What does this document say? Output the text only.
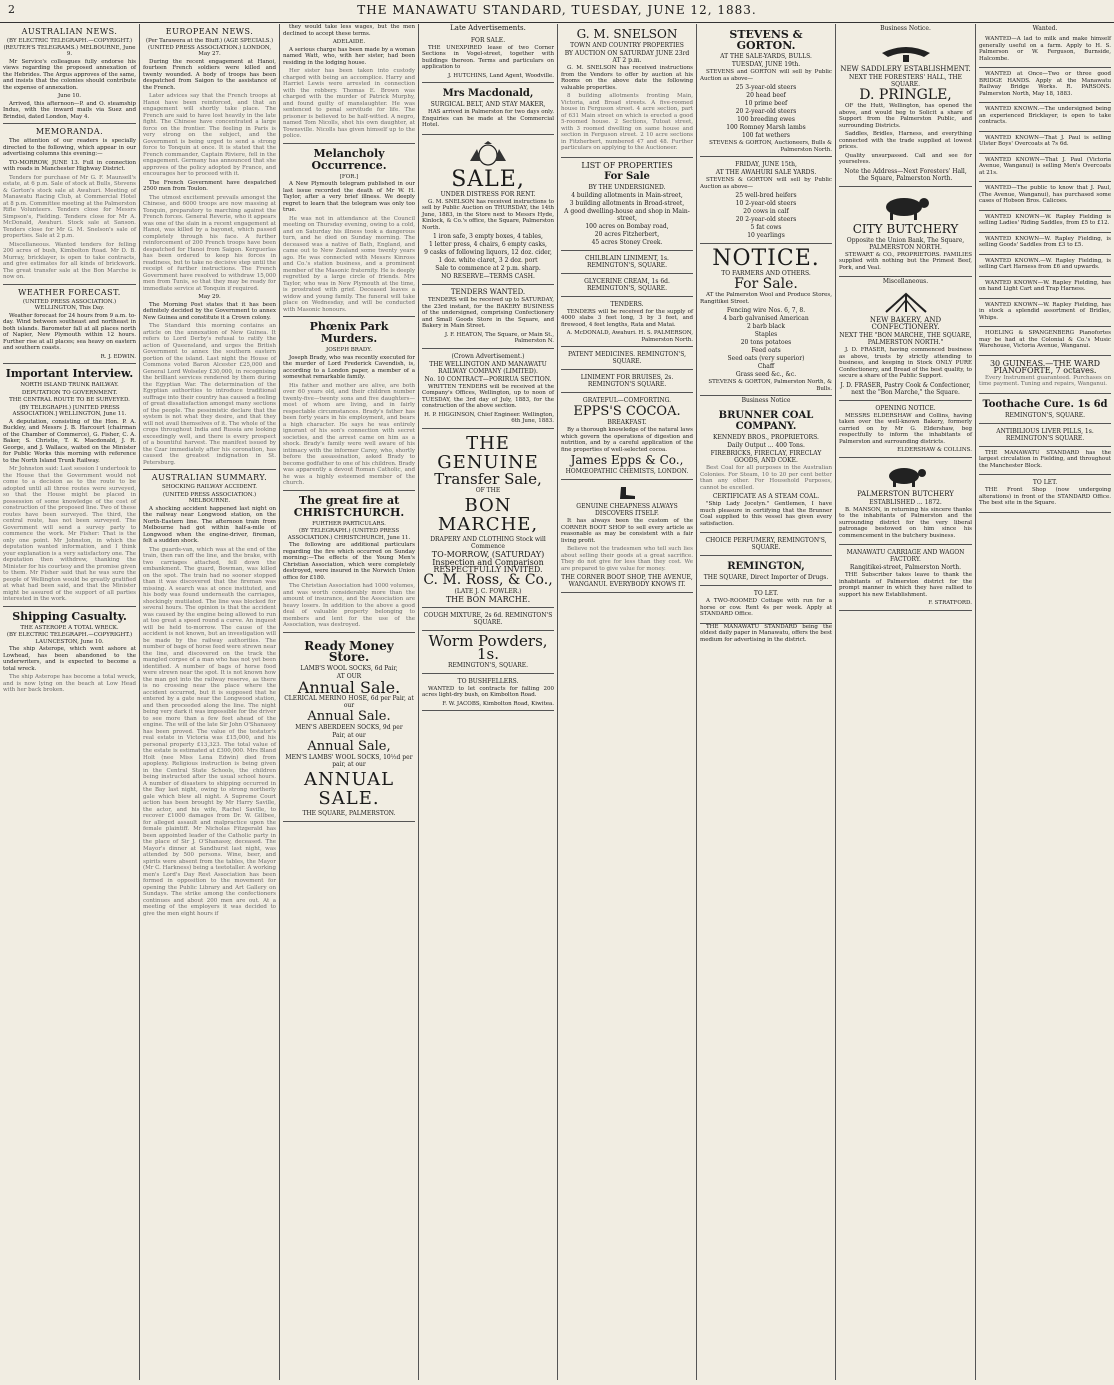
2	THE MANAWATU STANDARD, TUESDAY, JUNE 12, 1883.
AUSTRALIAN NEWS.
(BY ELECTRIC TELEGRAPH.—COPYRIGHT.) (REUTER'S TELEGRAMS.) MELBOURNE, June 9.

Mr Service's colleagues fully endorse his views regarding the proposed annexation of the Hebrides. The Argus approves of the same, and insists that the colonies should contribute the expense of annexation.

June 10.

Arrived, this afternoon—P. and O. steamship Indus, with the inward mails via Suez and Brindisi, dated London, May 4.

MEMORANDA.

The attention of our readers is specially directed to the following, which appear in our advertising columns this evening:—

TO-MORROW, JUNE 13. Full in connection with roads in Manchester Highway District.

Tenders for purchase of Mr G. F. Maunsell's estate, at 6 p.m. Sale of stock at Bulls, Stevens & Gorton's stock sale at Awahuri. Meeting of Manawatu Racing Club, at Commercial Hotel at 8 p.m. Committee meeting at the Palmerston Rifle Volunteers. Tenders close for Messrs Simpson's, Fielding. Tenders close for Mr A. McDonald, Awahuri. Stock sale at Sanson. Tenders close for Mr G. M. Snelson's sale of properties. Sale at 2 p.m.

Miscellaneous. Wanted tenders for felling 200 acres of bush, Kimbolton Road. Mr D. B. Murray, bricklayer, is open to take contracts, and give estimates for all kinds of brickwork. The great transfer sale at the Bon Marche is now on.

WEATHER FORECAST.
(UNITED PRESS ASSOCIATION.) WELLINGTON, This Day.

Weather forecast for 24 hours from 9 a.m. to-day. Wind between southeast and northeast in both islands. Barometer fall at all places north of Napier, New Plymouth within 12 hours. Further rise at all places; sea heavy on eastern and southern coasts.

R. J. EDWIN.
Important Interview.
NORTH ISLAND TRUNK RAILWAY.
DEPUTATION TO GOVERNMENT.
THE CENTRAL ROUTE TO BE SURVEYED.
(BY TELEGRAPH.) [UNITED PRESS ASSOCIATION.] WELLINGTON, June 11.

A deputation, consisting of the Hon. P. A. Buckley, and Messrs J. B. Harcourt (chairman of the Chamber of Commerce), G. Fisher, C. A. Baker, S. Christie, T. K. Macdonald, J. R. George, and J. Wallace, waited on the Minister for Public Works this morning with reference to the North Island Trunk Railway.

Mr Johnston said: Last session I undertook to the House that the Government would not come to a decision as to the route to be adopted until all three routes were surveyed, so that the House might be placed in possession of some knowledge of the cost of construction of the proposed line. Two of these routes have been surveyed. The third, the central route, has not been surveyed. The Government will send a survey party to commence the work. Mr Fisher: That is the only one point. Mr Johnston, in which the deputation wanted information, and I think your explanation is a very satisfactory one. The deputation then withdrew, thanking the Minister for his courtesy and the promise given to them. Mr Fisher said that he was sure the people of Wellington would be greatly gratified at what had been said, and that the Minister might be assured of the support of all parties interested in the work.

Shipping Casualty.
THE ASTEROPE A TOTAL WRECK.
(BY ELECTRIC TELEGRAPH.—COPYRIGHT.) LAUNCESTON, June 10.

The ship Asterope, which went ashore at Lowhead, has been abandoned to the underwriters, and is expected to become a total wreck.

The ship Asterope has become a total wreck, and is now lying on the beach at Low Head with her back broken.

EUROPEAN NEWS.
(Per Tarawera at the Bluff.) (AGE SPECIALS.) (UNITED PRESS ASSOCIATION.) LONDON, May 27.

During the recent engagement at Hanoi, fourteen French soldiers were killed and twenty wounded. A body of troops has been despatched from Saigon to the assistance of the French.

Later advices say that the French troops at Hanoi have been reinforced, and that an engagement will shortly take place. The French are said to have lost heavily in the late fight. The Chinese have concentrated a large force on the frontier. The feeling in Paris is very strong on the subject, and the Government is being urged to send a strong force to Tonquin at once. It is stated that the French commander, Captain Riviere, fell in the engagement. Germany has announced that she approves of the policy adopted by France, and encourages her to proceed with it.

The French Government have despatched 2500 men from Toulon.

The utmost excitement prevails amongst the Chinese, and 6000 troops are now massing at Tonquin, preparatory to marching against the French forces. General Reverie, who it appears was one of the slain in a recent engagement at Hanoi, was killed by a bayonet, which passed completely through his face. A further reinforcement of 200 French troops have been despatched for Hanoi from Saigon. Kerguerlas has been ordered to keep his forces in readiness, but to take no decisive step until the receipt of further instructions. The French Government have resolved to withdraw 15,000 men from Tunis, so that they may be ready for immediate service at Tonquin if required.

May 29.

The Morning Post states that it has been definitely decided by the Government to annex New Guinea and constitute it a Crown colony.

The Standard this morning contains an article on the annexation of New Guinea. It refers to Lord Derby's refusal to ratify the action of Queensland, and urges the British Government to annex the southern eastern portion of the island. Last night the House of Commons voted Baron Alcester £25,000 and General Lord Wolseley £30,000, in recognising the brilliant services rendered by them during the Egyptian War. The determination of the Egyptian authorities to introduce traditional suffrage into their country has caused a feeling of great dissatisfaction amongst many sections of the people. The pessimistic declare that the system is not what they desire, and that they will not avail themselves of it. The whole of the crops throughout India and Russia are looking exceedingly well, and there is every prospect of a bountiful harvest. The manifest issued by the Czar immediately after his coronation, has caused the greatest indignation in St. Petersburg.

AUSTRALIAN SUMMARY.
SHOCKING RAILWAY ACCIDENT.
(UNITED PRESS ASSOCIATION.) MELBOURNE.

A shocking accident happened last night on the railway near Longwood station, on the North-Eastern line. The afternoon train from Melbourne had got within half-a-mile of Longwood when the engine-driver, fireman, felt a sudden shock.

The guards-van, which was at the end of the train, then ran off the line, and the brake, with two carriages attached, fell down the embankment. The guard, Bowman, was killed on the spot. The train had no sooner stopped than it was discovered that the fireman was missing. A search was at once instituted, and his body was found underneath the carriages, shockingly mutilated. The line was blocked for several hours. The opinion is that the accident was caused by the engine being allowed to run at too great a speed round a curve. An inquest will be held to-morrow. The cause of the accident is not known, but an investigation will be made by the railway authorities. The number of bags of horse feed were strewn near the line, and discovered on the track the mangled corpse of a man who has not yet been identified. A number of bags of horse food were strewn near the spot. It is not known how the man got into the railway reserve, as there is no crossing near the place where the accident occurred, but it is supposed that he entered by a gate near the Longwood station, and then proceeded along the line. The night being very dark it was impossible for the driver to see more than a few feet ahead of the engine. The will of the late Sir John O'Shanassy has been proved. The value of the testator's real estate in Victoria was £15,000, and his personal property £13,323. The total value of the estate is estimated at £300,000. Mrs Bland Holt (nee Miss Lena Edwin) died from apoplexy. Religious instruction is being given in the Central State Schools, the children being instructed after the usual school hours. A number of disasters to shipping occurred in the Bay last night, owing to strong northerly gale which blew all night. A Supreme Court action has been brought by Mr Harry Saville, the actor, and his wife, Rachel Saville, to recover £1000 damages from Dr. W. Gillbee, for alleged assault and malpractice upon the female plaintiff. Mr Nicholas Fitzgerald has been appointed leader of the Catholic party in the place of Sir J. O'Shanassy, deceased. The Mayor's dinner at Sandhurst last night, was attended by 500 persons. Wine, beer, and spirits were absent from the tables, the Mayor (Mr C. Harkness) being a teetotaller. A working men's Lord's Day Rest Association has been formed in opposition to the movement for opening the Public Library and Art Gallery on Sundays. The strike among the confectioners continues and about 200 men are out. At a meeting of the employers it was decided to give the men eight hours if

they would take less wages, but the men declined to accept these terms.

ADELAIDE.

A serious charge has been made by a woman named Watt, who, with her sister, had been residing in the lodging house.

Her sister has been taken into custody charged with being an accomplice. Harry and Harriet Lewis were arrested in connection with the robbery. Thomas E. Brown was charged with the murder of Patrick Murphy, and found guilty of manslaughter. He was sentenced to penal servitude for life. The prisoner is believed to be half-witted. A negro, named Tom Nicolls, shot his own daughter, at Townsville. Nicolls has given himself up to the police.

Melancholy Occurrence.
[FOR.]

A New Plymouth telegram published in our last issue recorded the death of Mr W. H. Taylor, after a very brief illness. We deeply regret to learn that the telegram was only too true.

He was not in attendance at the Council meeting on Thursday evening, owing to a cold, and on Saturday his illness took a dangerous turn, and he died on Sunday morning. The deceased was a native of Bath, England, and came out to New Zealand some twenty years ago. He was connected with Messrs Kinross and Co.'s station business, and a prominent member of the Masonic fraternity. He is deeply regretted by a large circle of friends. Mrs Taylor, who was in New Plymouth at the time, is prostrated with grief. Deceased leaves a widow and young family. The funeral will take place on Wednesday, and will be conducted with Masonic honours.

Phœnix Park Murders.
JOSEPH BRADY.

Joseph Brady, who was recently executed for the murder of Lord Frederick Cavendish, is, according to a London paper, a member of a somewhat remarkable family.

His father and mother are alive, are both over 60 years old, and their children number twenty-five—twenty sons and five daughters—most of whom are living, and in fairly respectable circumstances. Brady's father has been forty years in his employment, and bears a high character. He says he was entirely ignorant of his son's connection with secret societies, and the arrest came on him as a shock. Brady's family were well aware of his intimacy with the informer Carey, who, shortly before the assassination, asked Brady to become godfather to one of his children. Brady was apparently a devout Roman Catholic, and he was a highly esteemed member of the church.

The great fire at CHRISTCHURCH.
FURTHER PARTICULARS.
(BY TELEGRAPH.) (UNITED PRESS ASSOCIATION.) CHRISTCHURCH, June 11.

The following are additional particulars regarding the fire which occurred on Sunday morning:—The effects of the Young Men's Christian Association, which were completely destroyed, were insured in the Norwich Union office for £180.

The Christian Association had 1000 volumes, and was worth considerably more than the amount of insurance, and the Association are heavy losers. In addition to the above a good deal of valuable property belonging to members and lent for the use of the Association, was destroyed.

Ready Money Store.
LAMB'S WOOL SOCKS, 6d Pair,
AT OUR
Annual Sale.
CLERICAL MERINO HOSE, 6d per Pair, at our
Annual Sale.
MEN'S ABERDEEN SOCKS, 9d per
Pair, at our
Annual Sale,
MEN'S LAMBS' WOOL SOCKS, 10½d per pair, at our
ANNUAL SALE.
THE SQUARE, PALMERSTON.
Late Advertisements.
FOR SALE.

THE UNEXPIRED lease of two Corner Sections in Vogel-street, together with buildings thereon. Terms and particulars on application to

J. HUTCHINS, Land Agent, Woodville.
Mrs Macdonald,
SURGICAL BELT, AND STAY MAKER,

HAS arrived in Palmerston for two days only. Enquiries can be made at the Commercial Hotel.

SALE,
UNDER DISTRESS FOR RENT.

G. M. SNELSON has received instructions to sell by Public Auction on THURSDAY, the 14th June, 1883, in the Store next to Messrs Hyde, Kinlock, & Co.'s office, the Square, Palmerston North.

1 iron safe, 3 empty boxes, 4 tables,
1 letter press, 4 chairs, 6 empty casks,
9 casks of following liquors, 12 doz. cider,
1 doz. white claret, 3 2 doz. port
Sale to commence at 2 p.m. sharp.
NO RESERVE—TERMS CASH.
TENDERS WANTED.

TENDERS will be received up to SATURDAY, the 23rd instant, for the BAKERY BUSINESS of the undersigned, comprising Confectionery and Small Goods Store in the Square, and Bakery in Main Street.

J. F. HEATON, The Square, or Main St., Palmerston N.
(Crown Advertisement.)
THE WELLINGTON AND MANAWATU RAILWAY COMPANY (LIMITED).
No. 10 CONTRACT—PORIRUA SECTION.

WRITTEN TENDERS will be received at the Company's Offices, Wellington, up to noon of TUESDAY, the 3rd day of July, 1883, for the construction of the above section.

H. P. HIGGINSON, Chief Engineer. Wellington, 6th June, 1883.
THE GENUINE
Transfer Sale,
OF THE
BON MARCHE,
DRAPERY AND CLOTHING Stock will Commence
TO-MORROW, (SATURDAY)
Inspection and Comparison RESPECTFULLY INVITED.
C. M. Ross, & Co.,
(LATE J. C. FOWLER.)
THE BON MARCHE.
COUGH MIXTURE, 2s 6d. REMINGTON'S SQUARE.
Worm Powders,
1s.
REMINGTON'S, SQUARE.
TO BUSHFELLERS.

WANTED to let contracts for falling 200 acres light-dry bush, on Kimbolton Road.

F. W. JACOBS, Kimbolton Road, Kiwitea.
G. M. SNELSON
TOWN AND COUNTRY PROPERTIES
BY AUCTION ON SATURDAY JUNE 23rd AT 2 p.m.

G. M. SNELSON has received instructions from the Vendors to offer by auction at his Rooms on the above date the following valuable properties.

8 building allotments fronting Main, Victoria, and Broad streets. A five-roomed house in Ferguson street. 4 acre section, part of 631 Main street on which is erected a good 5-roomed house. 2 Sections, Tutoat street, with 3 roomed dwelling on same house and section in Ferguson street. 2 10 acre sections in Fitzherbert, numbered 47 and 48. Further particulars on applying to the Auctioneer.

LIST OF PROPERTIES
For Sale
BY THE UNDERSIGNED.
4 building allotments in Main-street,
3 building allotments in Broad-street,
A good dwelling-house and shop in Main-street,
100 acres on Bombay road,
20 acres Fitzherbert,
45 acres Stoney Creek.
CHILBLAIN LINIMENT, 1s. REMINGTON'S, SQUARE.
GLYCERINE CREAM, 1s 6d. REMINGTON'S, SQUARE.
TENDERS.

TENDERS will be received for the supply of 4000 slabs 3 feet long, 3 by 3 feet, and firewood, 4 feet lengths, Rata and Matai.

A. McDONALD, Awahuri. H. S. PALMERSON, Palmerston North.
PATENT MEDICINES. REMINGTON'S, SQUARE.
LINIMENT FOR BRUISES, 2s. REMINGTON'S SQUARE.
GRATEFUL—COMFORTING.
EPPS'S COCOA.
BREAKFAST.

By a thorough knowledge of the natural laws which govern the operations of digestion and nutrition, and by a careful application of the fine properties of well-selected cocoa.

James Epps & Co.,
HOMŒOPATHIC CHEMISTS, LONDON.
GENUINE CHEAPNESS ALWAYS DISCOVERS ITSELF.

It has always been the custom of the CORNER BOOT SHOP to sell every article as reasonable as may be consistent with a fair living profit.

Believe not the tradesmen who tell such lies about selling their goods at a great sacrifice. They do not give for less than they cost. We are prepared to give value for money.

THE CORNER BOOT SHOP, THE AVENUE, WANGANUI. EVERYBODY KNOWS IT.
STEVENS & GORTON.
AT THE SALE-YARDS, BULLS.
TUESDAY, JUNE 19th.

STEVENS and GORTON will sell by Public Auction as above—

25 3-year-old steers
20 head beef
10 prime beef
20 2-year-old steers
100 breeding ewes
100 Romney Marsh lambs
100 fat wethers
STEVENS & GORTON, Auctioneers, Bulls & Palmerston North.
FRIDAY, JUNE 15th,
AT THE AWAHURI SALE YARDS.

STEVENS & GORTON will sell by Public Auction as above—

25 well-bred heifers
10 2-year-old steers
20 cows in calf
20 2-year-old steers
5 fat cows
10 yearlings
NOTICE.
TO FARMERS AND OTHERS.
For Sale.

AT the Palmerston Wool and Produce Stores, Rangitikei Street.

Fencing wire Nos. 6, 7, 8.
4 barb galvanised American
2 barb black
Staples
20 tons potatoes
Feed oats
Seed oats (very superior)
Chaff
Grass seed &c., &c.
STEVENS & GORTON, Palmerston North, & Bulls.
Business Notice
BRUNNER COAL COMPANY.
KENNEDY BROS., PROPRIETORS.
Daily Output ... 400 Tons.
FIREBRICKS, FIRECLAY, FIRECLAY GOODS, AND COKE.

Best Coal for all purposes in the Australian Colonies. For Steam, 10 to 20 per cent better than any other. For Household Purposes, cannot be excelled.

CERTIFICATE AS A STEAM COAL.

"Ship Lady Jocelyn." Gentlemen, I have much pleasure in certifying that the Brunner Coal supplied to this vessel has given every satisfaction.

CHOICE PERFUMERY, REMINGTON'S, SQUARE.
REMINGTON,
THE SQUARE, Direct Importer of Drugs.
TO LET.

A TWO-ROOMED Cottage with run for a horse or cow. Rent 4s per week. Apply at STANDARD Office.

THE MANAWATU STANDARD being the oldest daily paper in Manawatu, offers the best medium for advertising in the district.

Business Notice.
NEW SADDLERY ESTABLISHMENT.
NEXT THE FORESTERS' HALL, THE SQUARE.
D. PRINGLE,

OF the Hutt, Wellington, has opened the above, and would beg to Solicit a share of Support from the Palmerston Public, and surrounding Districts.

Saddles, Bridles, Harness, and everything connected with the trade supplied at lowest prices.

Quality unsurpassed. Call and see for yourselves.

Note the Address—Next Foresters' Hall, the Square, Palmerston North.
CITY BUTCHERY
Opposite the Union Bank, The Square, PALMERSTON NORTH.

STEWART & CO., PROPRIETORS. FAMILIES supplied with nothing but the Primest Beef, Pork, and Veal.

Miscellaneous.
NEW BAKERY, AND CONFECTIONERY.
NEXT THE "BON MARCHE, THE SQUARE, PALMERSTON NORTH."

J. D. FRASER, having commenced business as above, trusts by strictly attending to business, and keeping in Stock ONLY PURE Confectionery, and Bread of the best quality, to secure a share of the Public Support.

J. D. FRASER, Pastry Cook & Confectioner, next the "Bon Marche," the Square.
OPENING NOTICE.

MESSRS ELDERSHAW and Collins, having taken over the well-known Bakery, formerly carried on by Mr G. Eldershaw, beg respectfully to inform the inhabitants of Palmerston and surrounding districts.

ELDERSHAW & COLLINS.
PALMERSTON BUTCHERY
ESTABLISHED ... 1872.

B. MANSON, in returning his sincere thanks to the inhabitants of Palmerston and the surrounding district for the very liberal patronage bestowed on him since his commencement in the butchery business.

MANAWATU CARRIAGE AND WAGON FACTORY.
Rangitikei-street, Palmerston North.

THE Subscriber takes leave to thank the inhabitants of Palmerston district for the prompt manner in which they have rallied to support his new Establishment.

F. STRATFORD.
Wanted.

WANTED—A lad to milk and make himself generally useful on a farm. Apply to H. S. Palmerson or W. Ferguson, Burnside, Halcombe.

WANTED at Once—Two or three good BRIDGE HANDS. Apply at the Manawatu Railway Bridge Works. R. PARSONS. Palmerston North, May 18, 1883.

WANTED KNOWN.—The undersigned being an experienced Bricklayer, is open to take contracts.

WANTED KNOWN—That J. Paul is selling Ulster Boys' Overcoats at 7s 6d.

WANTED KNOWN—That J. Paul (Victoria Avenue, Wanganui) is selling Men's Overcoats at 21s.

WANTED—The public to know that J. Paul, (The Avenue, Wanganui), has purchased some cases of Hobson Bros. Calicoes.

WANTED KNOWN—W. Rapley Fielding is selling Ladies' Riding Saddles, from £5 to £12.

WANTED KNOWN—W. Rapley Fielding, is selling Goods' Saddles from £3 to £5.

WANTED KNOWN.—W. Rapley Fielding, is selling Cart Harness from £6 and upwards.

WANTED KNOWN—W. Rapley Fielding, has on hand Light Cart and Trap Harness.

WANTED KNOWN—W. Rapley Fielding, has in stock a splendid assortment of Bridles, Whips.

HOELING & SPANGENBERG Pianofortes may be had at the Colonial & Co.'s Music Warehouse, Victoria Avenue, Wanganui.

30 GUINEAS.—THE WARD PIANOFORTE, 7 octaves.

Every Instrument guaranteed. Purchases on time payment. Tuning and repairs, Wanganui.

Toothache Cure. 1s 6d
REMINGTON'S, SQUARE.
ANTIBILIOUS LIVER PILLS, 1s. REMINGTON'S SQUARE.

THE MANAWATU STANDARD has the largest circulation in Fielding, and throughout the Manchester Block.

TO LET.

THE Front Shop (now undergoing alterations) in front of the STANDARD Office. The best site in the Square.
